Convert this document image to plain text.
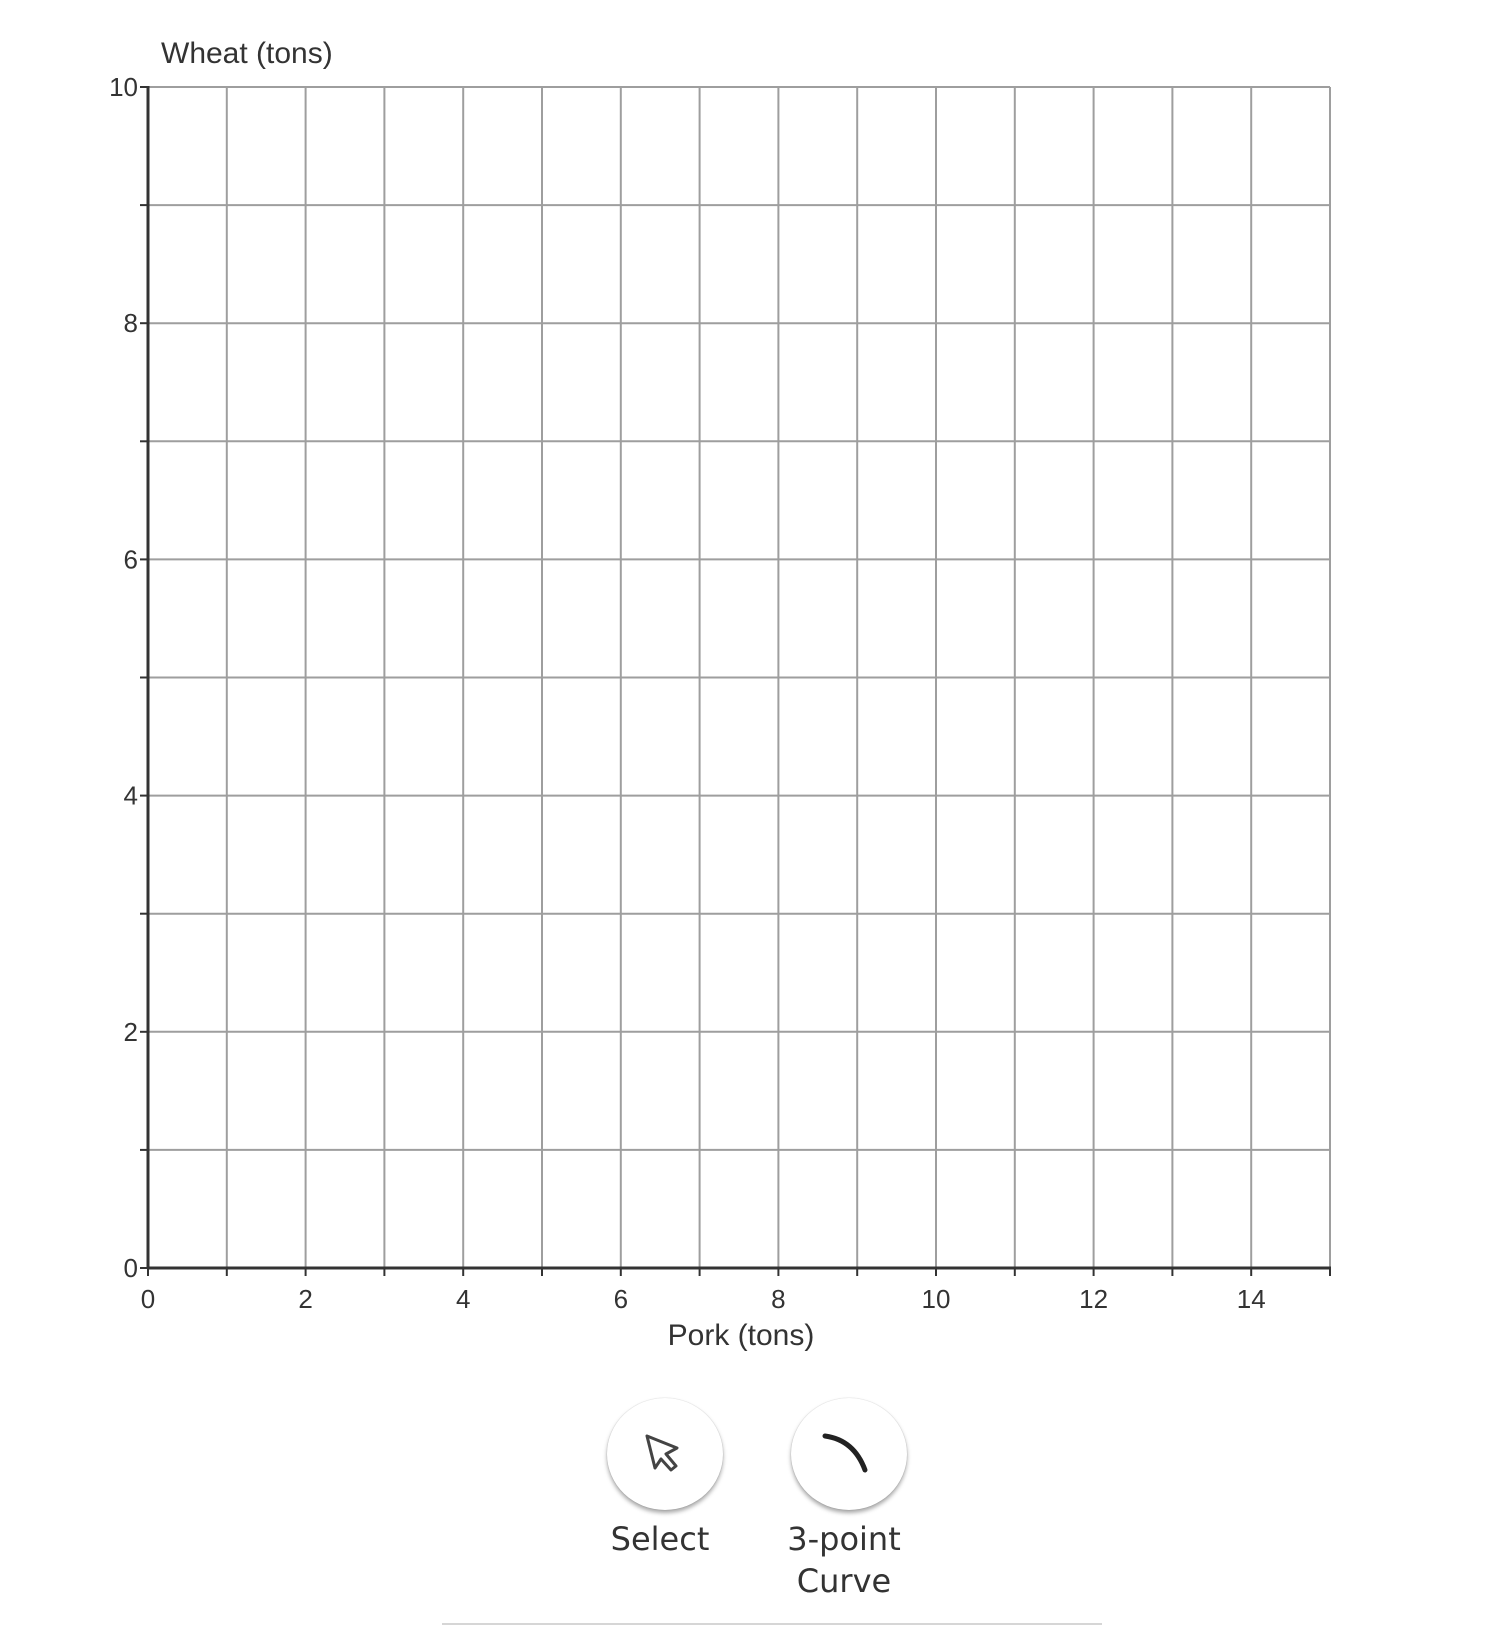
0	2	4	6	8	10	12	14
0
2
4
6
8
10
Wheat (tons)
Pork (tons)
Select	3-point
Curve
